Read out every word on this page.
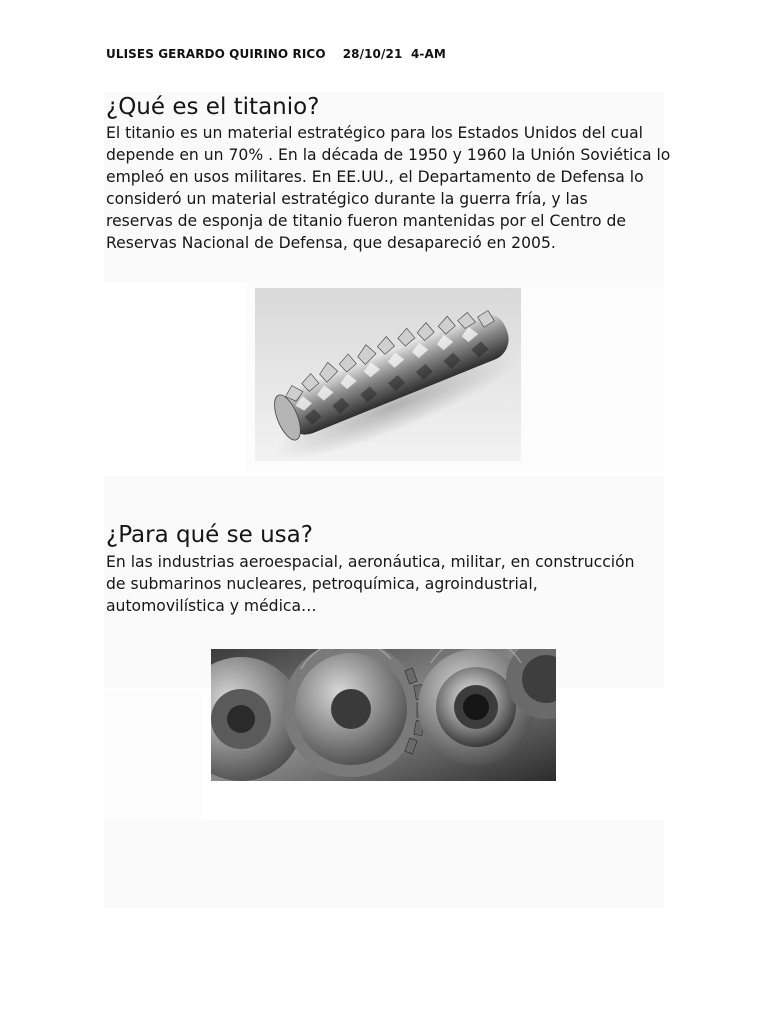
ULISES GERARDO QUIRINO RICO    28/10/21  4-AM
¿Qué es el titanio?
El titanio es un material estratégico para los Estados Unidos del cual
depende en un 70% . En la década de 1950 y 1960 la Unión Soviética lo
empleó en usos militares. En EE.UU., el Departamento de Defensa lo
consideró un material estratégico durante la guerra fría, y las
reservas de esponja de titanio fueron mantenidas por el Centro de
Reservas Nacional de Defensa, que desapareció en 2005.
¿Para qué se usa?
En las industrias aeroespacial, aeronáutica, militar, en construcción
de submarinos nucleares, petroquímica, agroindustrial,
automovilística y médica…
